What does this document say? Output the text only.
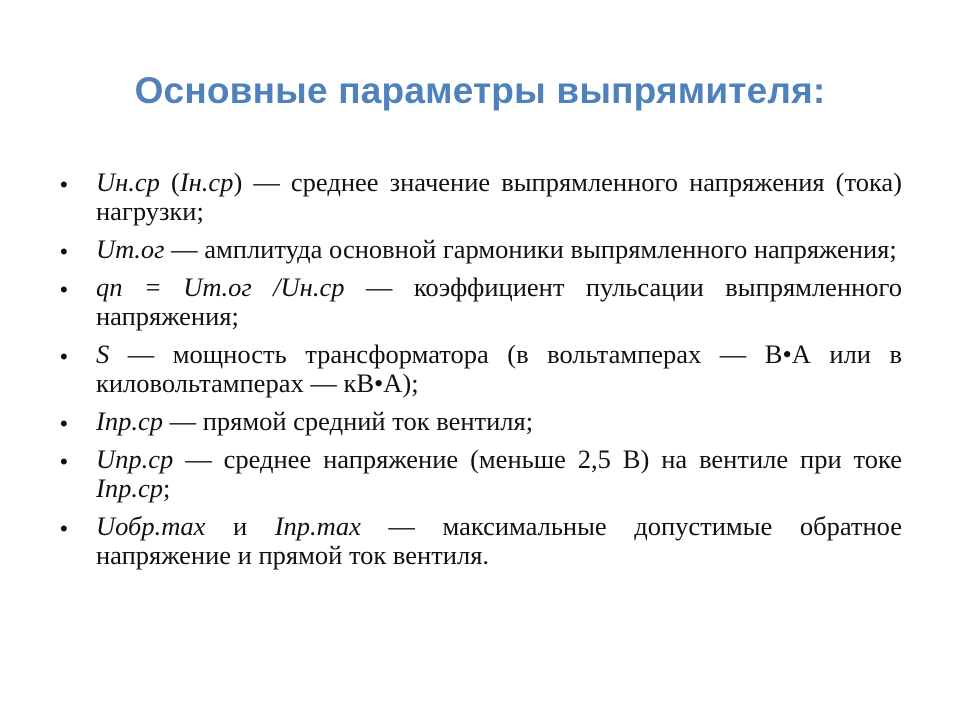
Основные параметры выпрямителя:
• Uн.ср (Iн.ср) — среднее значение выпрямленного напряжения (тока) нагрузки;
• Um.ог — амплитуда основной гармоники выпрямленного напряжения;
• qп = Um.ог /Uн.ср — коэффициент пульсации выпрямленного напряжения;
• S — мощность трансформатора (в вольтамперах — В•А или в киловольтамперах — кВ•А);
• Iпр.ср — прямой средний ток вентиля;
• Uпр.ср — среднее напряжение (меньше 2,5 В) на вентиле при токе Iпр.ср;
• Uобр.max и Iпр.max — максимальные допустимые обратное напряжение и прямой ток вентиля.
